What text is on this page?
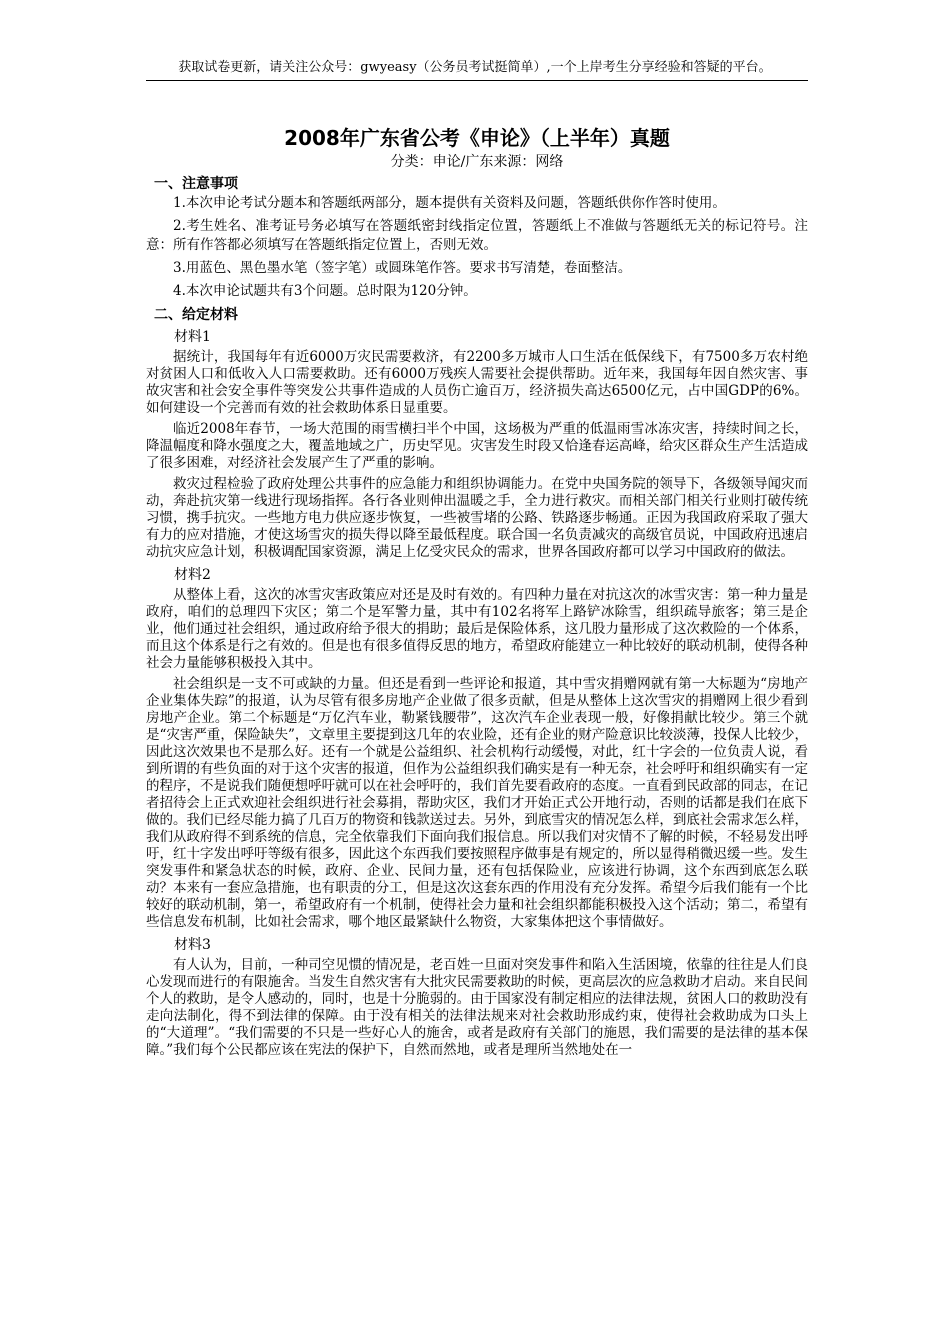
获取试卷更新，请关注公众号：gwyeasy（公务员考试挺简单）,一个上岸考生分享经验和答疑的平台。
2008年广东省公考《申论》（上半年）真题
分类：申论/广东来源：网络
一、注意事项

1.本次申论考试分题本和答题纸两部分，题本提供有关资料及问题，答题纸供你作答时使用。

2.考生姓名、准考证号务必填写在答题纸密封线指定位置，答题纸上不准做与答题纸无关的标记符号。注意：所有作答都必须填写在答题纸指定位置上，否则无效。

3.用蓝色、黑色墨水笔（签字笔）或圆珠笔作答。要求书写清楚，卷面整洁。

4.本次申论试题共有3个问题。总时限为120分钟。

二、给定材料
材料1

据统计，我国每年有近6000万灾民需要救济，有2200多万城市人口生活在低保线下，有7500多万农村绝对贫困人口和低收入人口需要救助。还有6000万残疾人需要社会提供帮助。近年来，我国每年因自然灾害、事故灾害和社会安全事件等突发公共事件造成的人员伤亡逾百万，经济损失高达6500亿元，占中国GDP的6%。如何建设一个完善而有效的社会救助体系日显重要。

临近2008年春节，一场大范围的雨雪横扫半个中国，这场极为严重的低温雨雪冰冻灾害，持续时间之长，降温幅度和降水强度之大，覆盖地域之广，历史罕见。灾害发生时段又恰逢春运高峰，给灾区群众生产生活造成了很多困难，对经济社会发展产生了严重的影响。

救灾过程检验了政府处理公共事件的应急能力和组织协调能力。在党中央国务院的领导下，各级领导闻灾而动，奔赴抗灾第一线进行现场指挥。各行各业则伸出温暖之手，全力进行救灾。而相关部门相关行业则打破传统习惯，携手抗灾。一些地方电力供应逐步恢复，一些被雪堵的公路、铁路逐步畅通。正因为我国政府采取了强大有力的应对措施，才使这场雪灾的损失得以降至最低程度。联合国一名负责减灾的高级官员说，中国政府迅速启动抗灾应急计划，积极调配国家资源，满足上亿受灾民众的需求，世界各国政府都可以学习中国政府的做法。

材料2

从整体上看，这次的冰雪灾害政策应对还是及时有效的。有四种力量在对抗这次的冰雪灾害：第一种力量是政府，咱们的总理四下灾区；第二个是军警力量，其中有102名将军上路铲冰除雪，组织疏导旅客；第三是企业，他们通过社会组织，通过政府给予很大的捐助；最后是保险体系，这几股力量形成了这次救险的一个体系，而且这个体系是行之有效的。但是也有很多值得反思的地方，希望政府能建立一种比较好的联动机制，使得各种社会力量能够积极投入其中。

社会组织是一支不可或缺的力量。但还是看到一些评论和报道，其中雪灾捐赠网就有第一大标题为“房地产企业集体失踪”的报道，认为尽管有很多房地产企业做了很多贡献，但是从整体上这次雪灾的捐赠网上很少看到房地产企业。第二个标题是“万亿汽车业，勒紧钱腰带”，这次汽车企业表现一般，好像捐献比较少。第三个就是“灾害严重，保险缺失”，文章里主要提到这几年的农业险，还有企业的财产险意识比较淡薄，投保人比较少，因此这次效果也不是那么好。还有一个就是公益组织、社会机构行动缓慢，对此，红十字会的一位负责人说，看到所谓的有些负面的对于这个灾害的报道，但作为公益组织我们确实是有一种无奈，社会呼吁和组织确实有一定的程序，不是说我们随便想呼吁就可以在社会呼吁的，我们首先要看政府的态度。一直看到民政部的同志，在记者招待会上正式欢迎社会组织进行社会募捐，帮助灾区，我们才开始正式公开地行动，否则的话都是我们在底下做的。我们已经尽能力搞了几百万的物资和钱款送过去。另外，到底雪灾的情况怎么样，到底社会需求怎么样，我们从政府得不到系统的信息，完全依靠我们下面向我们报信息。所以我们对灾情不了解的时候，不轻易发出呼吁，红十字发出呼吁等级有很多，因此这个东西我们要按照程序做事是有规定的，所以显得稍微迟缓一些。发生突发事件和紧急状态的时候，政府、企业、民间力量，还有包括保险业，应该进行协调，这个东西到底怎么联动？本来有一套应急措施，也有职责的分工，但是这次这套东西的作用没有充分发挥。希望今后我们能有一个比较好的联动机制，第一，希望政府有一个机制，使得社会力量和社会组织都能积极投入这个活动；第二，希望有些信息发布机制，比如社会需求，哪个地区最紧缺什么物资，大家集体把这个事情做好。

材料3

有人认为，目前，一种司空见惯的情况是，老百姓一旦面对突发事件和陷入生活困境，依靠的往往是人们良心发现而进行的有限施舍。当发生自然灾害有大批灾民需要救助的时候，更高层次的应急救助才启动。来自民间个人的救助，是令人感动的，同时，也是十分脆弱的。由于国家没有制定相应的法律法规，贫困人口的救助没有走向法制化，得不到法律的保障。由于没有相关的法律法规来对社会救助形成约束，使得社会救助成为口头上的“大道理”。“我们需要的不只是一些好心人的施舍，或者是政府有关部门的施恩，我们需要的是法律的基本保障。”我们每个公民都应该在宪法的保护下，自然而然地，或者是理所当然地处在一
